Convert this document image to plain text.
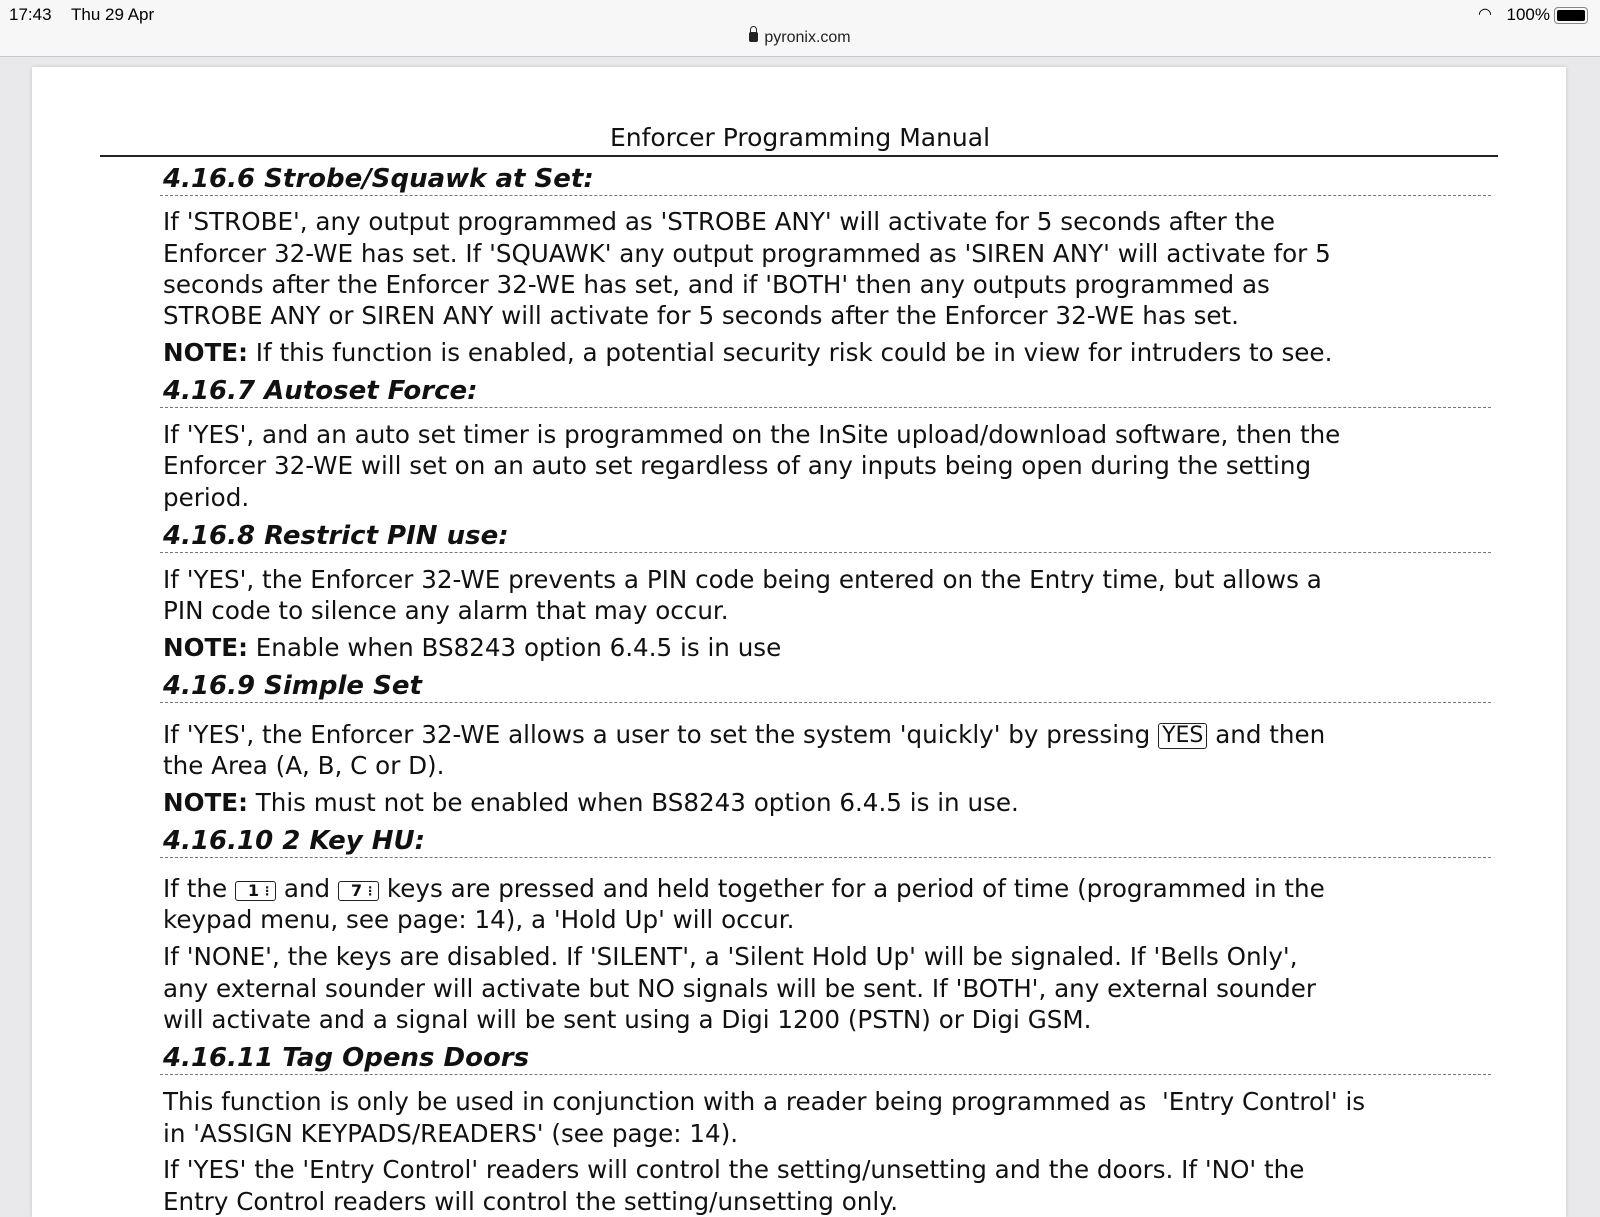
17:43 Thu 29 Apr	◠ 100%
pyronix.com
Enforcer Programming Manual
4.16.6 Strobe/Squawk at Set:
If 'STROBE', any output programmed as 'STROBE ANY' will activate for 5 seconds after the
Enforcer 32-WE has set. If 'SQUAWK' any output programmed as 'SIREN ANY' will activate for 5
seconds after the Enforcer 32-WE has set, and if 'BOTH' then any outputs programmed as
STROBE ANY or SIREN ANY will activate for 5 seconds after the Enforcer 32-WE has set.
NOTE: If this function is enabled, a potential security risk could be in view for intruders to see.
4.16.7 Autoset Force:
If 'YES', and an auto set timer is programmed on the InSite upload/download software, then the
Enforcer 32-WE will set on an auto set regardless of any inputs being open during the setting
period.
4.16.8 Restrict PIN use:
If 'YES', the Enforcer 32-WE prevents a PIN code being entered on the Entry time, but allows a
PIN code to silence any alarm that may occur.
NOTE: Enable when BS8243 option 6.4.5 is in use
4.16.9 Simple Set
If 'YES', the Enforcer 32-WE allows a user to set the system 'quickly' by pressing YES and then
the Area (A, B, C or D).
NOTE: This must not be enabled when BS8243 option 6.4.5 is in use.
4.16.10 2 Key HU:
If the 1 ⋮ and 7 ⋮ keys are pressed and held together for a period of time (programmed in the
keypad menu, see page: 14), a 'Hold Up' will occur.
If 'NONE', the keys are disabled. If 'SILENT', a 'Silent Hold Up' will be signaled. If 'Bells Only',
any external sounder will activate but NO signals will be sent. If 'BOTH', any external sounder
will activate and a signal will be sent using a Digi 1200 (PSTN) or Digi GSM.
4.16.11 Tag Opens Doors
This function is only be used in conjunction with a reader being programmed as  'Entry Control' is
in 'ASSIGN KEYPADS/READERS' (see page: 14).
If 'YES' the 'Entry Control' readers will control the setting/unsetting and the doors. If 'NO' the
Entry Control readers will control the setting/unsetting only.
